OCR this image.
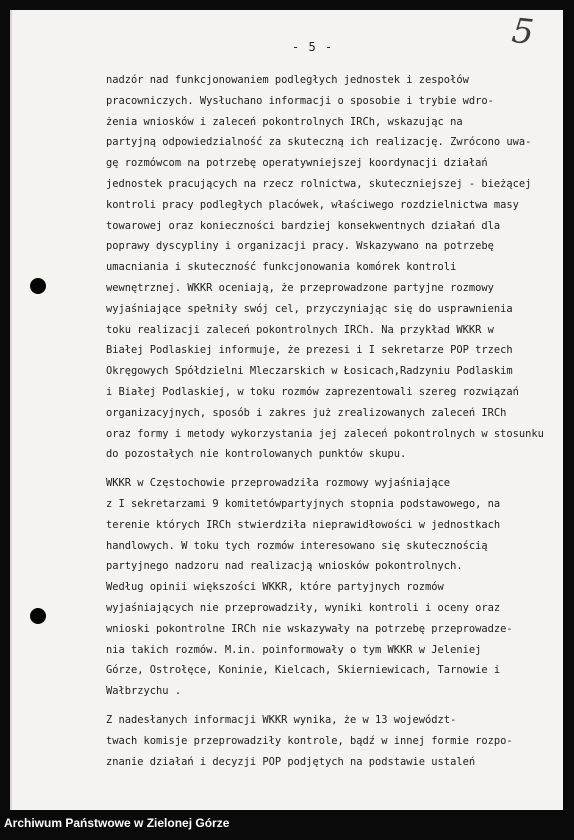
- 5 -	5
nadzór nad funkcjonowaniem podległych jednostek i zespołów
pracowniczych. Wysłuchano informacji o sposobie i trybie wdro-
żenia wniosków i zaleceń pokontrolnych IRCh, wskazując na
partyjną odpowiedzialność za skuteczną ich realizację. Zwrócono uwa-
gę rozmówcom na potrzebę operatywniejszej koordynacji działań
jednostek pracujących na rzecz rolnictwa, skuteczniejszej - bieżącej
kontroli pracy podległych placówek, właściwego rozdzielnictwa masy
towarowej oraz konieczności bardziej konsekwentnych działań dla
poprawy dyscypliny i organizacji pracy. Wskazywano na potrzebę
umacniania i skuteczność funkcjonowania komórek kontroli
wewnętrznej. WKKR oceniają, że przeprowadzone partyjne rozmowy
wyjaśniające spełniły swój cel, przyczyniając się do usprawnienia
toku realizacji zaleceń pokontrolnych IRCh. Na przykład WKKR w
Białej Podlaskiej informuje, że prezesi i I sekretarze POP trzech
Okręgowych Spółdzielni Mleczarskich w Łosicach,Radzyniu Podlaskim
i Białej Podlaskiej, w toku rozmów zaprezentowali szereg rozwiązań
organizacyjnych, sposób i zakres już zrealizowanych zaleceń IRCh
oraz formy i metody wykorzystania jej zaleceń pokontrolnych w stosunku
do pozostałych nie kontrolowanych punktów skupu.
WKKR w Częstochowie przeprowadziła rozmowy wyjaśniające
z I sekretarzami 9 komitetówpartyjnych stopnia podstawowego, na
terenie których IRCh stwierdziła nieprawidłowości w jednostkach
handlowych. W toku tych rozmów interesowano się skutecznością
partyjnego nadzoru nad realizacją wniosków pokontrolnych.
Według opinii większości WKKR, które partyjnych rozmów
wyjaśniających nie przeprowadziły, wyniki kontroli i oceny oraz
wnioski pokontrolne IRCh nie wskazywały na potrzebę przeprowadze-
nia takich rozmów. M.in. poinformowały o tym WKKR w Jeleniej
Górze, Ostrołęce, Koninie, Kielcach, Skierniewicach, Tarnowie i
Wałbrzychu .
Z nadesłanych informacji WKKR wynika, że w 13 województ-
twach komisje przeprowadziły kontrole, bądź w innej formie rozpo-
znanie działań i decyzji POP podjętych na podstawie ustaleń
Archiwum Państwowe w Zielonej Górze
